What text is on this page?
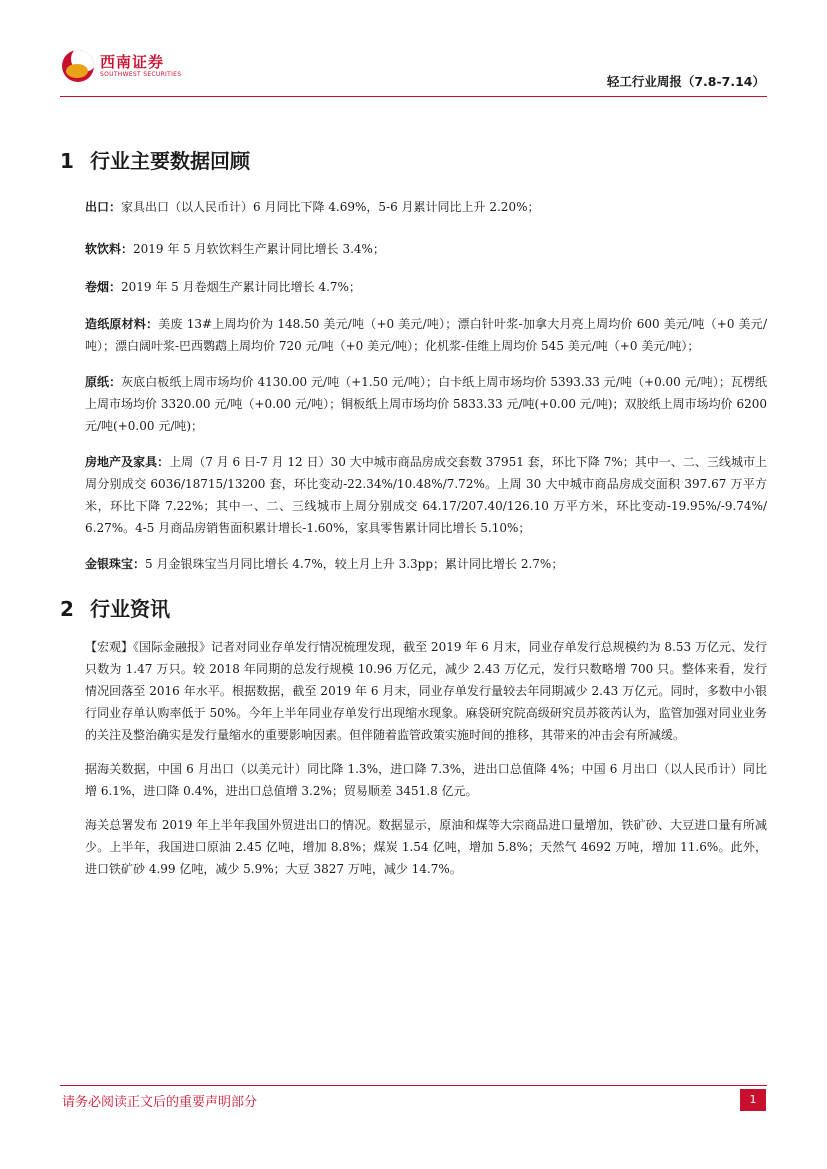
西南证券
SOUTHWEST SECURITIES	轻工行业周报（7.8-7.14）
1 行业主要数据回顾

出口：家具出口（以人民币计）6 月同比下降 4.69%，5-6 月累计同比上升 2.20%；

软饮料：2019 年 5 月软饮料生产累计同比增长 3.4%；

卷烟：2019 年 5 月卷烟生产累计同比增长 4.7%；

造纸原材料：美废 13#上周均价为 148.50 美元/吨（+0 美元/吨）；漂白针叶浆-加拿大月亮上周均价 600 美元/吨（+0 美元/吨）；漂白阔叶浆-巴西鹦鹉上周均价 720 元/吨（+0 美元/吨）；化机浆-佳维上周均价 545 美元/吨（+0 美元/吨）；

原纸：灰底白板纸上周市场均价 4130.00 元/吨（+1.50 元/吨）；白卡纸上周市场均价 5393.33 元/吨（+0.00 元/吨）；瓦楞纸上周市场均价 3320.00 元/吨（+0.00 元/吨）；铜板纸上周市场均价 5833.33 元/吨(+0.00 元/吨)；双胶纸上周市场均价 6200 元/吨(+0.00 元/吨)；

房地产及家具：上周（7 月 6 日-7 月 12 日）30 大中城市商品房成交套数 37951 套，环比下降 7%；其中一、二、三线城市上周分别成交 6036/18715/13200 套，环比变动-22.34%/10.48%/7.72%。上周 30 大中城市商品房成交面积 397.67 万平方米，环比下降 7.22%；其中一、二、三线城市上周分别成交 64.17/207.40/126.10 万平方米，环比变动-19.95%/-9.74%/ 6.27%。4-5 月商品房销售面积累计增长-1.60%，家具零售累计同比增长 5.10%；

金银珠宝：5 月金银珠宝当月同比增长 4.7%，较上月上升 3.3pp；累计同比增长 2.7%；

2 行业资讯

【宏观】《国际金融报》记者对同业存单发行情况梳理发现，截至 2019 年 6 月末，同业存单发行总规模约为 8.53 万亿元、发行只数为 1.47 万只。较 2018 年同期的总发行规模 10.96 万亿元，减少 2.43 万亿元，发行只数略增 700 只。整体来看，发行情况回落至 2016 年水平。根据数据，截至 2019 年 6 月末，同业存单发行量较去年同期减少 2.43 万亿元。同时，多数中小银行同业存单认购率低于 50%。今年上半年同业存单发行出现缩水现象。麻袋研究院高级研究员苏筱芮认为，监管加强对同业业务的关注及整治确实是发行量缩水的重要影响因素。但伴随着监管政策实施时间的推移，其带来的冲击会有所减缓。

据海关数据，中国 6 月出口（以美元计）同比降 1.3%，进口降 7.3%，进出口总值降 4%；中国 6 月出口（以人民币计）同比增 6.1%，进口降 0.4%，进出口总值增 3.2%；贸易顺差 3451.8 亿元。

海关总署发布 2019 年上半年我国外贸进出口的情况。数据显示，原油和煤等大宗商品进口量增加，铁矿砂、大豆进口量有所减少。上半年，我国进口原油 2.45 亿吨，增加 8.8%；煤炭 1.54 亿吨，增加 5.8%；天然气 4692 万吨，增加 11.6%。此外，进口铁矿砂 4.99 亿吨，减少 5.9%；大豆 3827 万吨，减少 14.7%。

请务必阅读正文后的重要声明部分	1
